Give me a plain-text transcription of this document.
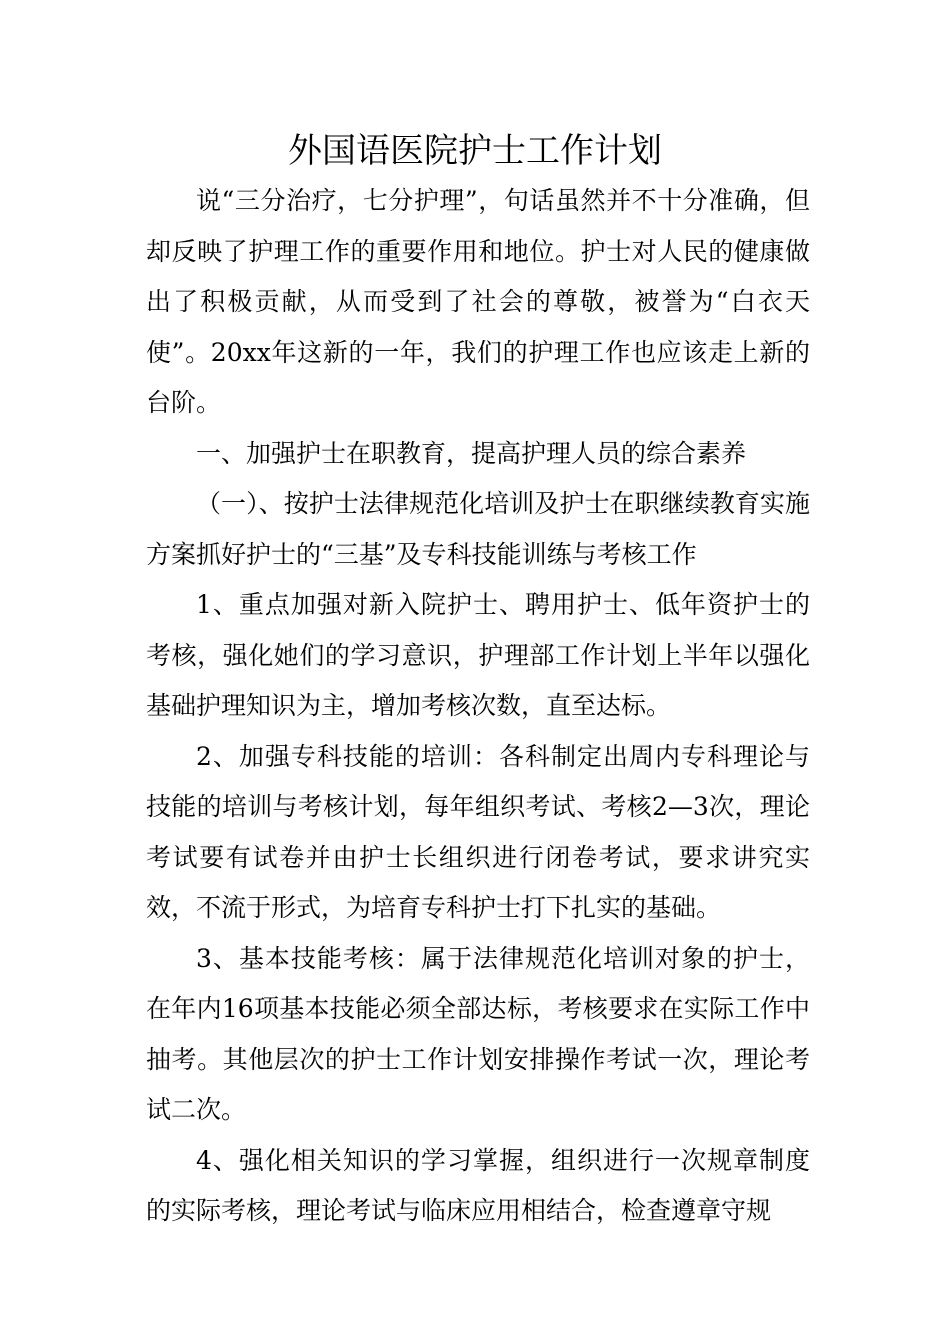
外国语医院护士工作计划

说“三分治疗，七分护理”，句话虽然并不十分准确，但却反映了护理工作的重要作用和地位。护士对人民的健康做出了积极贡献，从而受到了社会的尊敬，被誉为“白衣天使”。20xx年这新的一年，我们的护理工作也应该走上新的台阶。

一、加强护士在职教育，提高护理人员的综合素养

（一）、按护士法律规范化培训及护士在职继续教育实施方案抓好护士的“三基”及专科技能训练与考核工作

1、重点加强对新入院护士、聘用护士、低年资护士的考核，强化她们的学习意识，护理部工作计划上半年以强化基础护理知识为主，增加考核次数，直至达标。

2、加强专科技能的培训：各科制定出周内专科理论与技能的培训与考核计划，每年组织考试、考核2—3次，理论考试要有试卷并由护士长组织进行闭卷考试，要求讲究实效，不流于形式，为培育专科护士打下扎实的基础。

3、基本技能考核：属于法律规范化培训对象的护士，在年内16项基本技能必须全部达标，考核要求在实际工作中抽考。其他层次的护士工作计划安排操作考试一次，理论考试二次。

4、强化相关知识的学习掌握，组织进行一次规章制度的实际考核，理论考试与临床应用相结合，检查遵章守规
